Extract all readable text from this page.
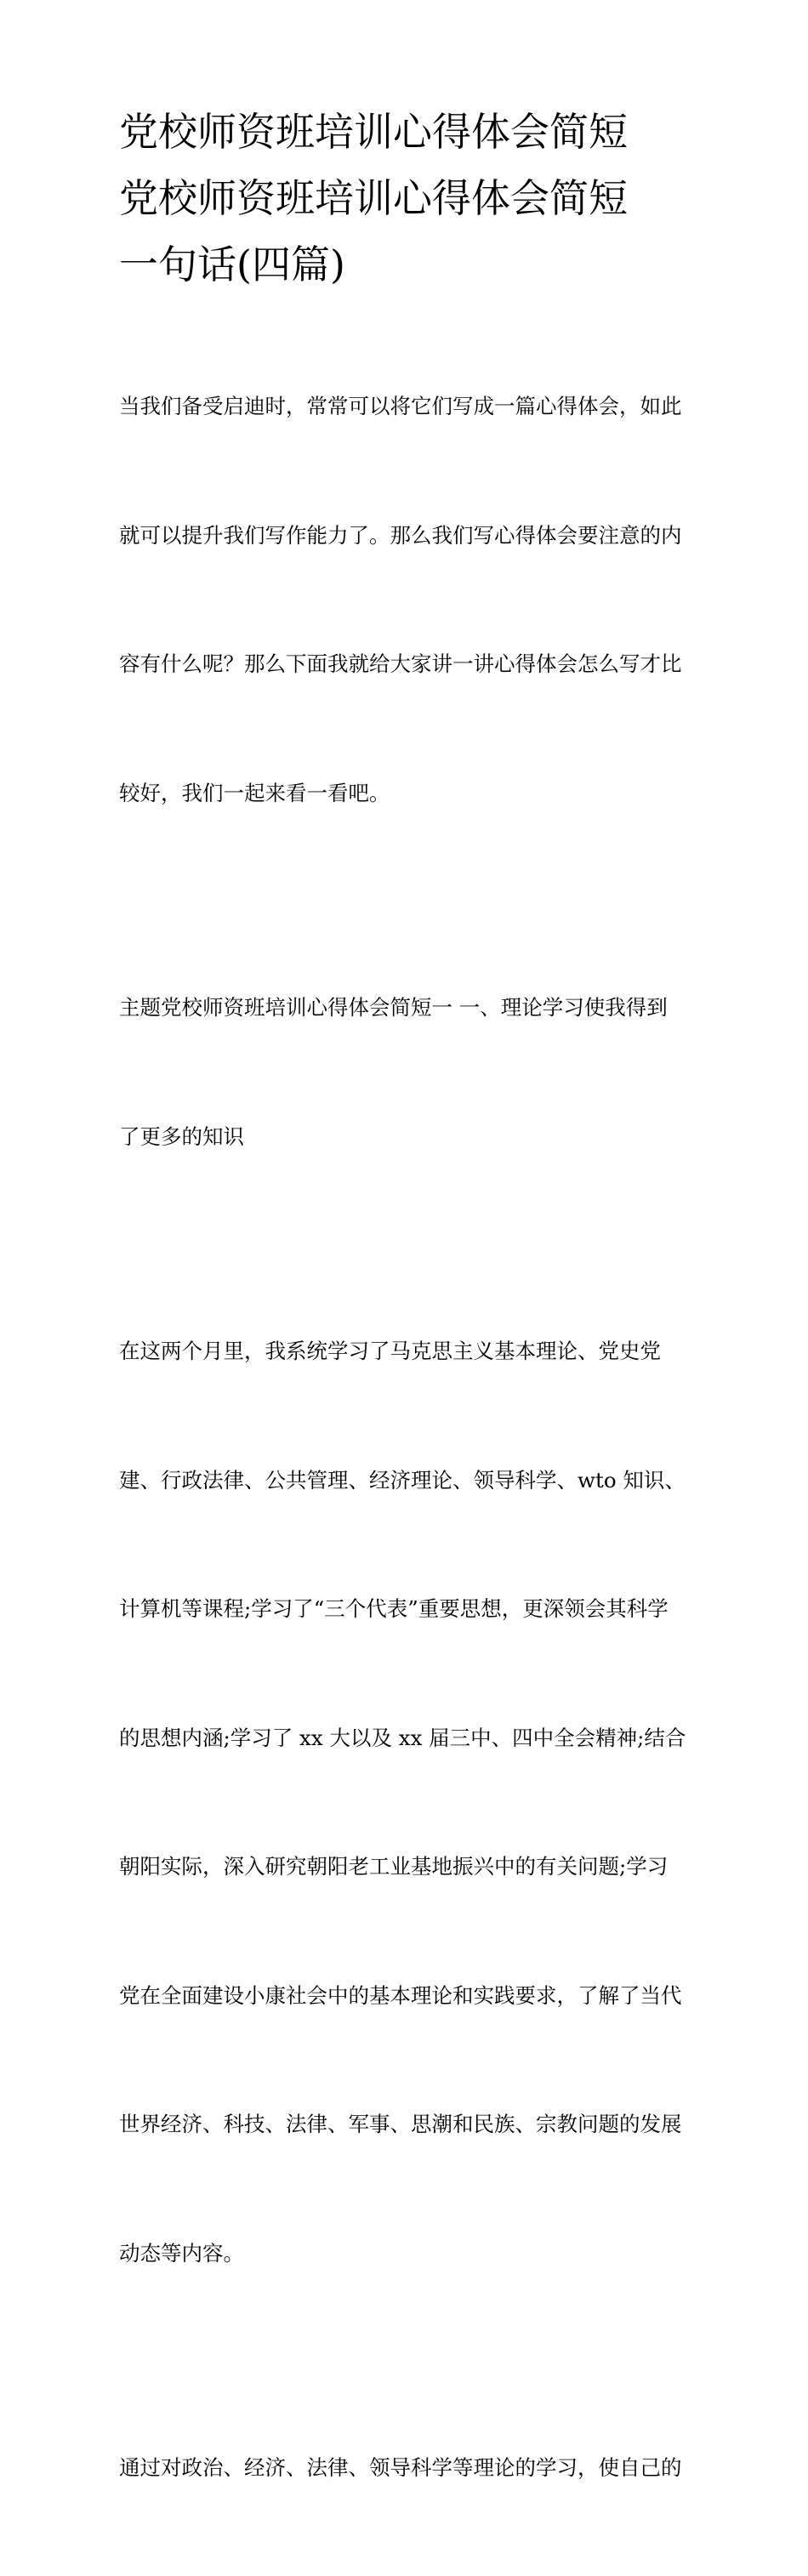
党校师资班培训心得体会简短
党校师资班培训心得体会简短
一句话(四篇)

当我们备受启迪时，常常可以将它们写成一篇心得体会，如此

就可以提升我们写作能力了。那么我们写心得体会要注意的内

容有什么呢？那么下面我就给大家讲一讲心得体会怎么写才比

较好，我们一起来看一看吧。

主题党校师资班培训心得体会简短一 一、理论学习使我得到

了更多的知识

在这两个月里，我系统学习了马克思主义基本理论、党史党

建、行政法律、公共管理、经济理论、领导科学、wto 知识、

计算机等课程;学习了“三个代表”重要思想，更深领会其科学

的思想内涵;学习了 xx 大以及 xx 届三中、四中全会精神;结合

朝阳实际，深入研究朝阳老工业基地振兴中的有关问题;学习

党在全面建设小康社会中的基本理论和实践要求，了解了当代

世界经济、科技、法律、军事、思潮和民族、宗教问题的发展

动态等内容。

通过对政治、经济、法律、领导科学等理论的学习，使自己的
